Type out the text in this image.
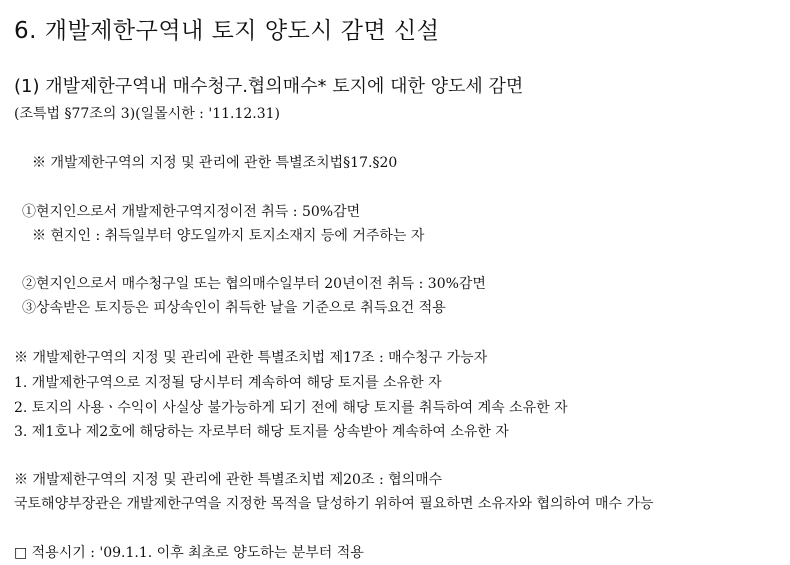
6. 개발제한구역내 토지 양도시 감면 신설
(1) 개발제한구역내 매수청구.협의매수* 토지에 대한 양도세 감면
(조특법 §77조의 3)(일몰시한 : '11.12.31)
※ 개발제한구역의 지정 및 관리에 관한 특별조치법§17.§20
①현지인으로서 개발제한구역지정이전 취득 : 50%감면
※ 현지인 : 취득일부터 양도일까지 토지소재지 등에 거주하는 자
②현지인으로서 매수청구일 또는 협의매수일부터 20년이전 취득 : 30%감면
③상속받은 토지등은 피상속인이 취득한 날을 기준으로 취득요건 적용
※ 개발제한구역의 지정 및 관리에 관한 특별조치법 제17조 : 매수청구 가능자
1. 개발제한구역으로 지정될 당시부터 계속하여 해당 토지를 소유한 자
2. 토지의 사용ㆍ수익이 사실상 불가능하게 되기 전에 해당 토지를 취득하여 계속 소유한 자
3. 제1호나 제2호에 해당하는 자로부터 해당 토지를 상속받아 계속하여 소유한 자
※ 개발제한구역의 지정 및 관리에 관한 특별조치법 제20조 : 협의매수
국토해양부장관은 개발제한구역을 지정한 목적을 달성하기 위하여 필요하면 소유자와 협의하여 매수 가능
□ 적용시기 : '09.1.1. 이후 최초로 양도하는 분부터 적용
